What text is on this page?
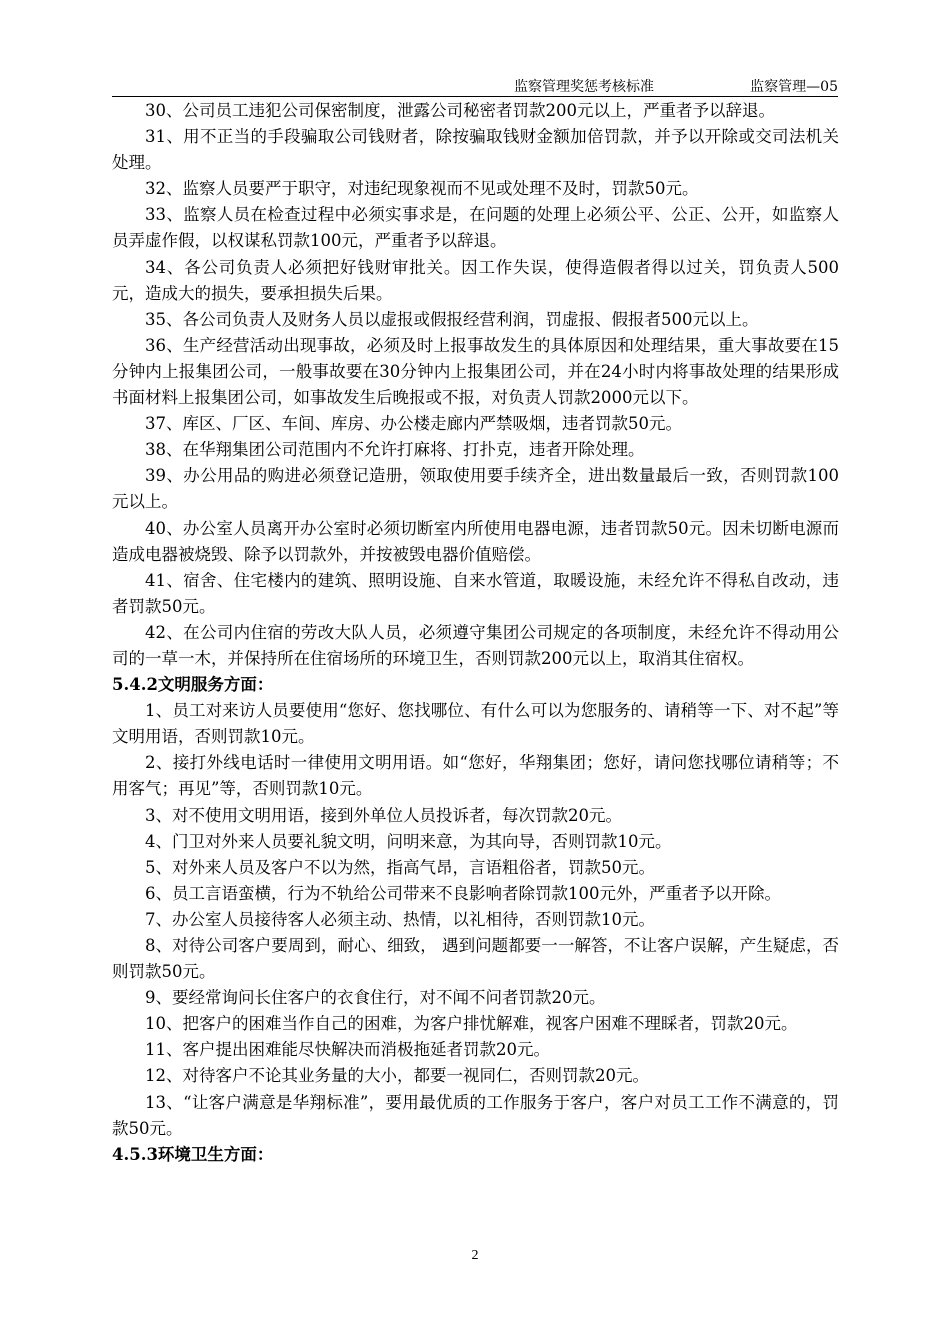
监察管理奖惩考核标准	监察管理—05

30、公司员工违犯公司保密制度，泄露公司秘密者罚款200元以上，严重者予以辞退。

31、用不正当的手段骗取公司钱财者，除按骗取钱财金额加倍罚款，并予以开除或交司法机关处理。

32、监察人员要严于职守，对违纪现象视而不见或处理不及时，罚款50元。

33、监察人员在检查过程中必须实事求是，在问题的处理上必须公平、公正、公开，如监察人员弄虚作假，以权谋私罚款100元，严重者予以辞退。

34、各公司负责人必须把好钱财审批关。因工作失误，使得造假者得以过关，罚负责人500元，造成大的损失，要承担损失后果。

35、各公司负责人及财务人员以虚报或假报经营利润，罚虚报、假报者500元以上。

36、生产经营活动出现事故，必须及时上报事故发生的具体原因和处理结果，重大事故要在15分钟内上报集团公司，一般事故要在30分钟内上报集团公司，并在24小时内将事故处理的结果形成书面材料上报集团公司，如事故发生后晚报或不报，对负责人罚款2000元以下。

37、库区、厂区、车间、库房、办公楼走廊内严禁吸烟，违者罚款50元。

38、在华翔集团公司范围内不允许打麻将、打扑克，违者开除处理。

39、办公用品的购进必须登记造册，领取使用要手续齐全，进出数量最后一致，否则罚款100元以上。

40、办公室人员离开办公室时必须切断室内所使用电器电源，违者罚款50元。因未切断电源而造成电器被烧毁、除予以罚款外，并按被毁电器价值赔偿。

41、宿舍、住宅楼内的建筑、照明设施、自来水管道，取暖设施，未经允许不得私自改动，违者罚款50元。

42、在公司内住宿的劳改大队人员，必须遵守集团公司规定的各项制度，未经允许不得动用公司的一草一木，并保持所在住宿场所的环境卫生，否则罚款200元以上，取消其住宿权。

5.4.2文明服务方面：

1、员工对来访人员要使用“您好、您找哪位、有什么可以为您服务的、请稍等一下、对不起”等文明用语，否则罚款10元。

2、接打外线电话时一律使用文明用语。如“您好，华翔集团；您好，请问您找哪位请稍等；不用客气；再见”等，否则罚款10元。

3、对不使用文明用语，接到外单位人员投诉者，每次罚款20元。

4、门卫对外来人员要礼貌文明，问明来意，为其向导，否则罚款10元。

5、对外来人员及客户不以为然，指高气昂，言语粗俗者，罚款50元。

6、员工言语蛮横，行为不轨给公司带来不良影响者除罚款100元外，严重者予以开除。

7、办公室人员接待客人必须主动、热情，以礼相待，否则罚款10元。

8、对待公司客户要周到，耐心、细致， 遇到问题都要一一解答，不让客户误解，产生疑虑，否则罚款50元。

9、要经常询问长住客户的衣食住行，对不闻不问者罚款20元。

10、把客户的困难当作自己的困难，为客户排忧解难，视客户困难不理睬者，罚款20元。

11、客户提出困难能尽快解决而消极拖延者罚款20元。

12、对待客户不论其业务量的大小，都要一视同仁，否则罚款20元。

13、“让客户满意是华翔标准”，要用最优质的工作服务于客户，客户对员工工作不满意的，罚款50元。

4.5.3环境卫生方面：

2
